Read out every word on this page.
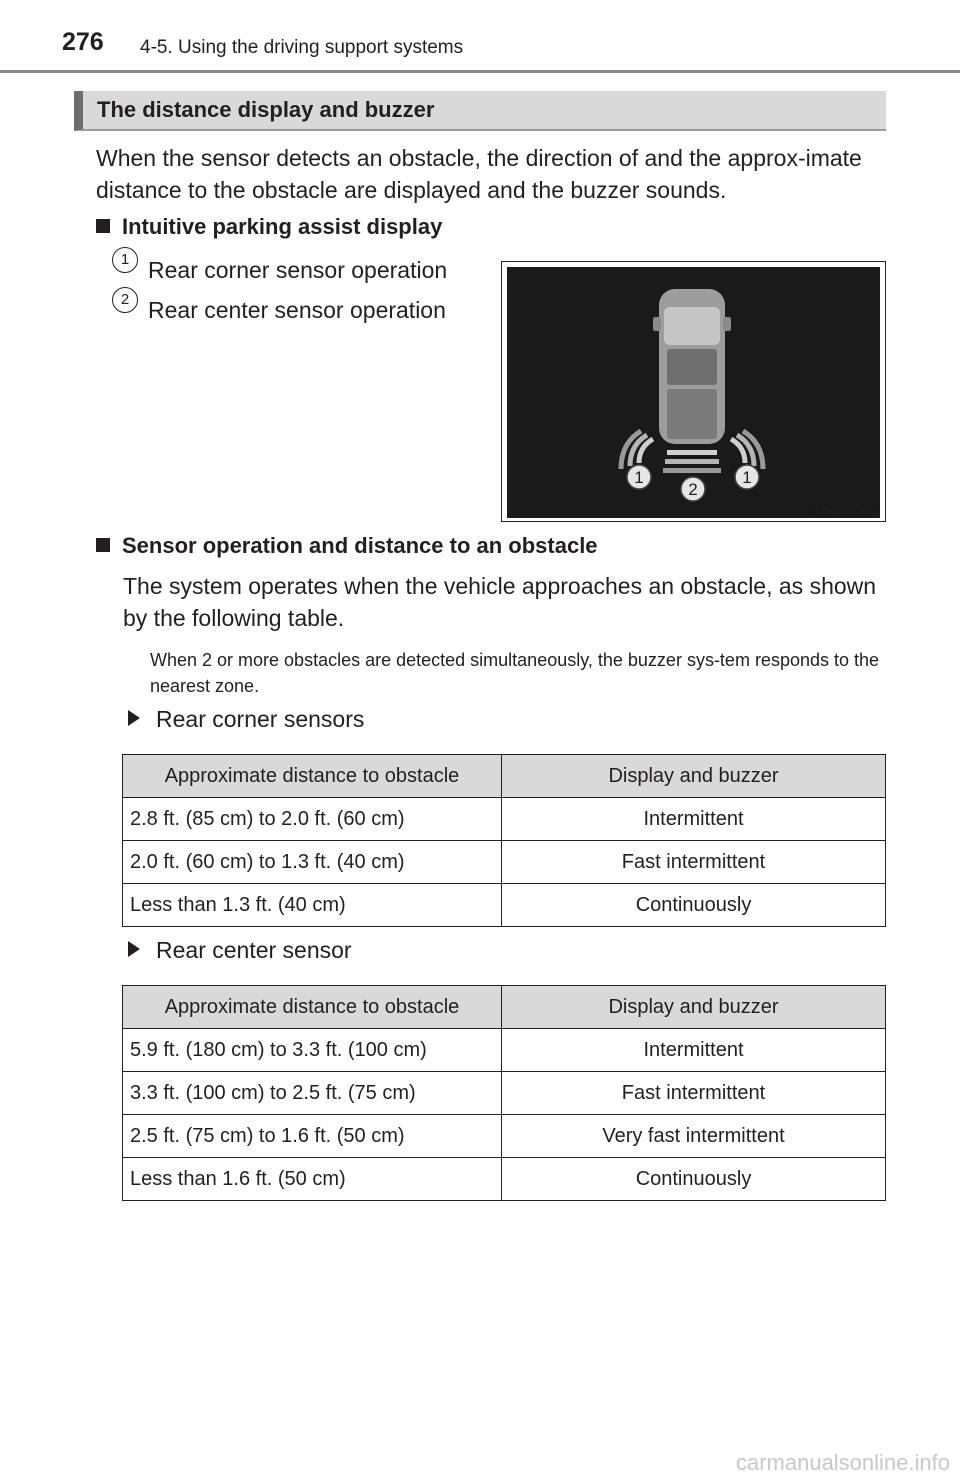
276 4-5. Using the driving support systems
The distance display and buzzer
When the sensor detects an obstacle, the direction of and the approx-imate distance to the obstacle are displayed and the buzzer sounds.
Intuitive parking assist display
1 Rear corner sensor operation
2 Rear center sensor operation
1
2
1
STY45BD011
Sensor operation and distance to an obstacle
The system operates when the vehicle approaches an obstacle, as shown by the following table.
When 2 or more obstacles are detected simultaneously, the buzzer sys-tem responds to the nearest zone.
Rear corner sensors
Approximate distance to obstacle	Display and buzzer
2.8 ft. (85 cm) to 2.0 ft. (60 cm)	Intermittent
2.0 ft. (60 cm) to 1.3 ft. (40 cm)	Fast intermittent
Less than 1.3 ft. (40 cm)	Continuously
Rear center sensor
Approximate distance to obstacle	Display and buzzer
5.9 ft. (180 cm) to 3.3 ft. (100 cm)	Intermittent
3.3 ft. (100 cm) to 2.5 ft. (75 cm)	Fast intermittent
2.5 ft. (75 cm) to 1.6 ft. (50 cm)	Very fast intermittent
Less than 1.6 ft. (50 cm)	Continuously
carmanualsonline.info
